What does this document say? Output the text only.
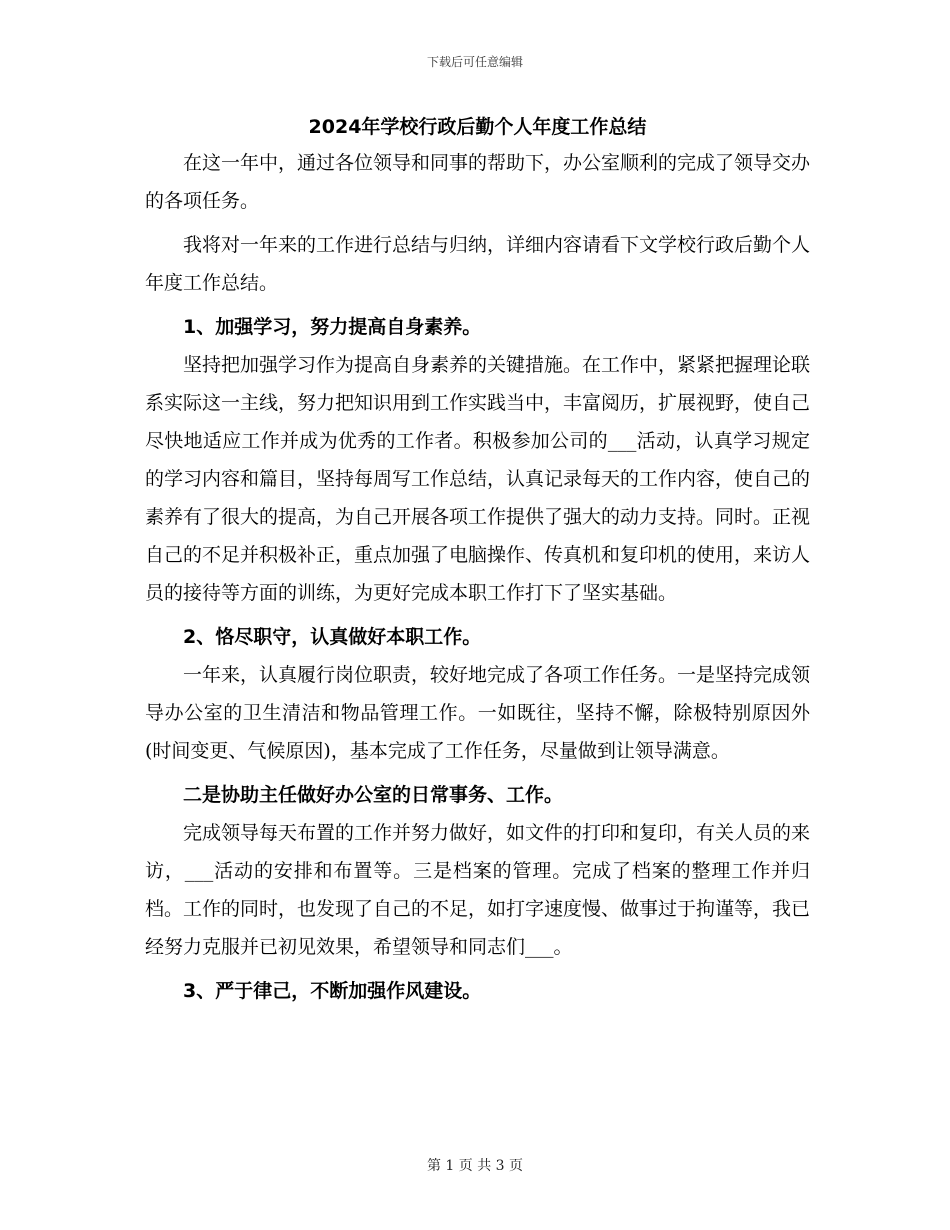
下载后可任意编辑
2024年学校行政后勤个人年度工作总结

在这一年中，通过各位领导和同事的帮助下，办公室顺利的完成了领导交办的各项任务。

我将对一年来的工作进行总结与归纳，详细内容请看下文学校行政后勤个人年度工作总结。

1、加强学习，努力提高自身素养。

坚持把加强学习作为提高自身素养的关键措施。在工作中，紧紧把握理论联系实际这一主线，努力把知识用到工作实践当中，丰富阅历，扩展视野，使自己尽快地适应工作并成为优秀的工作者。积极参加公司的___活动，认真学习规定的学习内容和篇目，坚持每周写工作总结，认真记录每天的工作内容，使自己的素养有了很大的提高，为自己开展各项工作提供了强大的动力支持。同时。正视自己的不足并积极补正，重点加强了电脑操作、传真机和复印机的使用，来访人员的接待等方面的训练，为更好完成本职工作打下了坚实基础。

2、恪尽职守，认真做好本职工作。

一年来，认真履行岗位职责，较好地完成了各项工作任务。一是坚持完成领导办公室的卫生清洁和物品管理工作。一如既往，坚持不懈，除极特别原因外(时间变更、气候原因)，基本完成了工作任务，尽量做到让领导满意。

二是协助主任做好办公室的日常事务、工作。

完成领导每天布置的工作并努力做好，如文件的打印和复印，有关人员的来访，___活动的安排和布置等。三是档案的管理。完成了档案的整理工作并归档。工作的同时，也发现了自己的不足，如打字速度慢、做事过于拘谨等，我已经努力克服并已初见效果，希望领导和同志们___。

3、严于律己，不断加强作风建设。
第 1 页 共 3 页
